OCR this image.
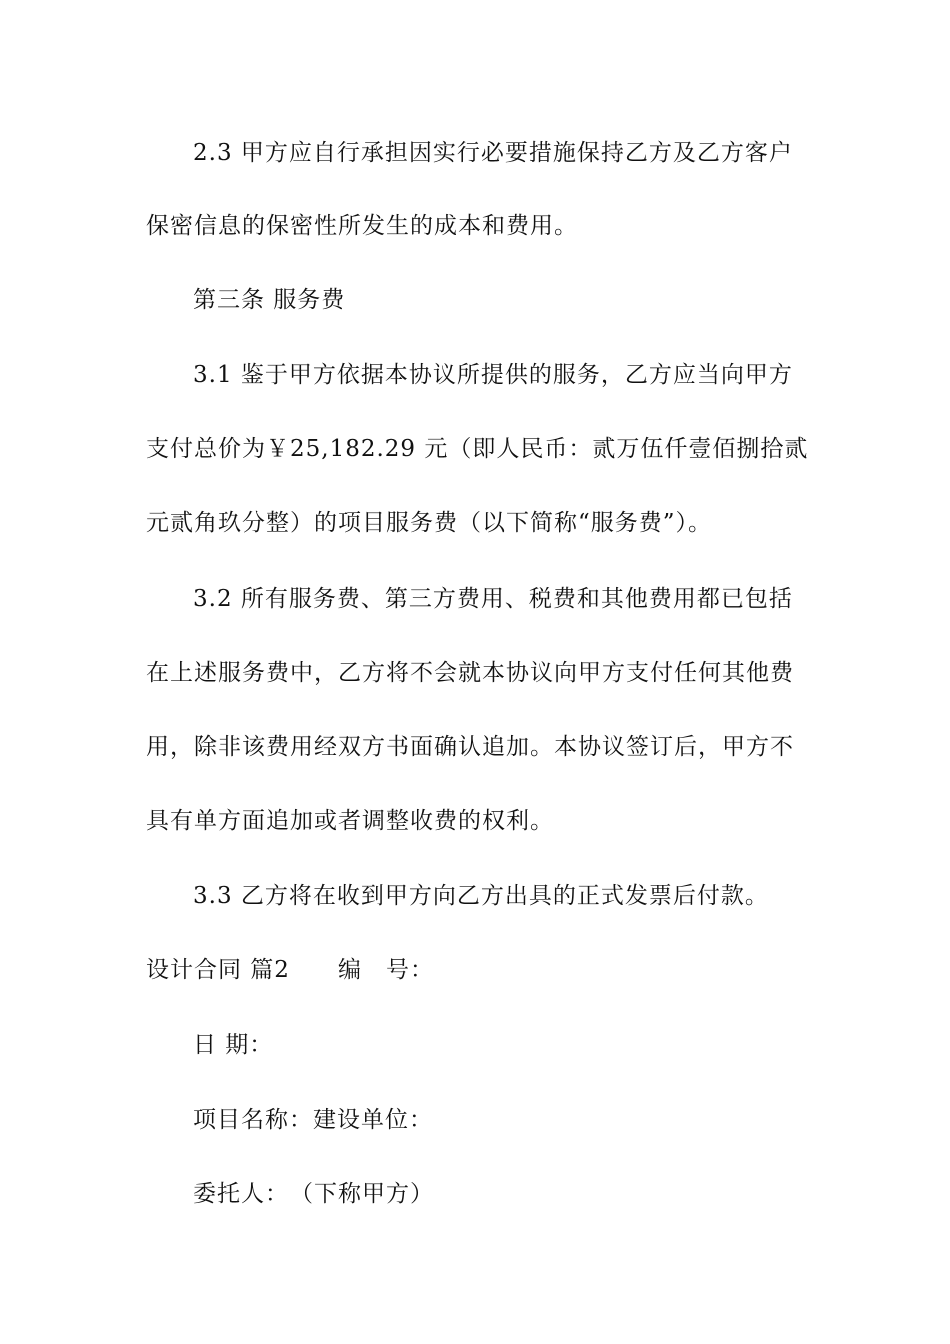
2.3 甲方应自行承担因实行必要措施保持乙方及乙方客户
保密信息的保密性所发生的成本和费用。
第三条 服务费
3.1 鉴于甲方依据本协议所提供的服务，乙方应当向甲方
支付总价为￥25,182.29 元（即人民币：贰万伍仟壹佰捌拾贰
元贰角玖分整）的项目服务费（以下简称“服务费”）。
3.2 所有服务费、第三方费用、税费和其他费用都已包括
在上述服务费中，乙方将不会就本协议向甲方支付任何其他费
用，除非该费用经双方书面确认追加。本协议签订后，甲方不
具有单方面追加或者调整收费的权利。
3.3 乙方将在收到甲方向乙方出具的正式发票后付款。
设计合同 篇2　　编　号：
日 期：
项目名称：建设单位：
委托人：　（下称甲方）
